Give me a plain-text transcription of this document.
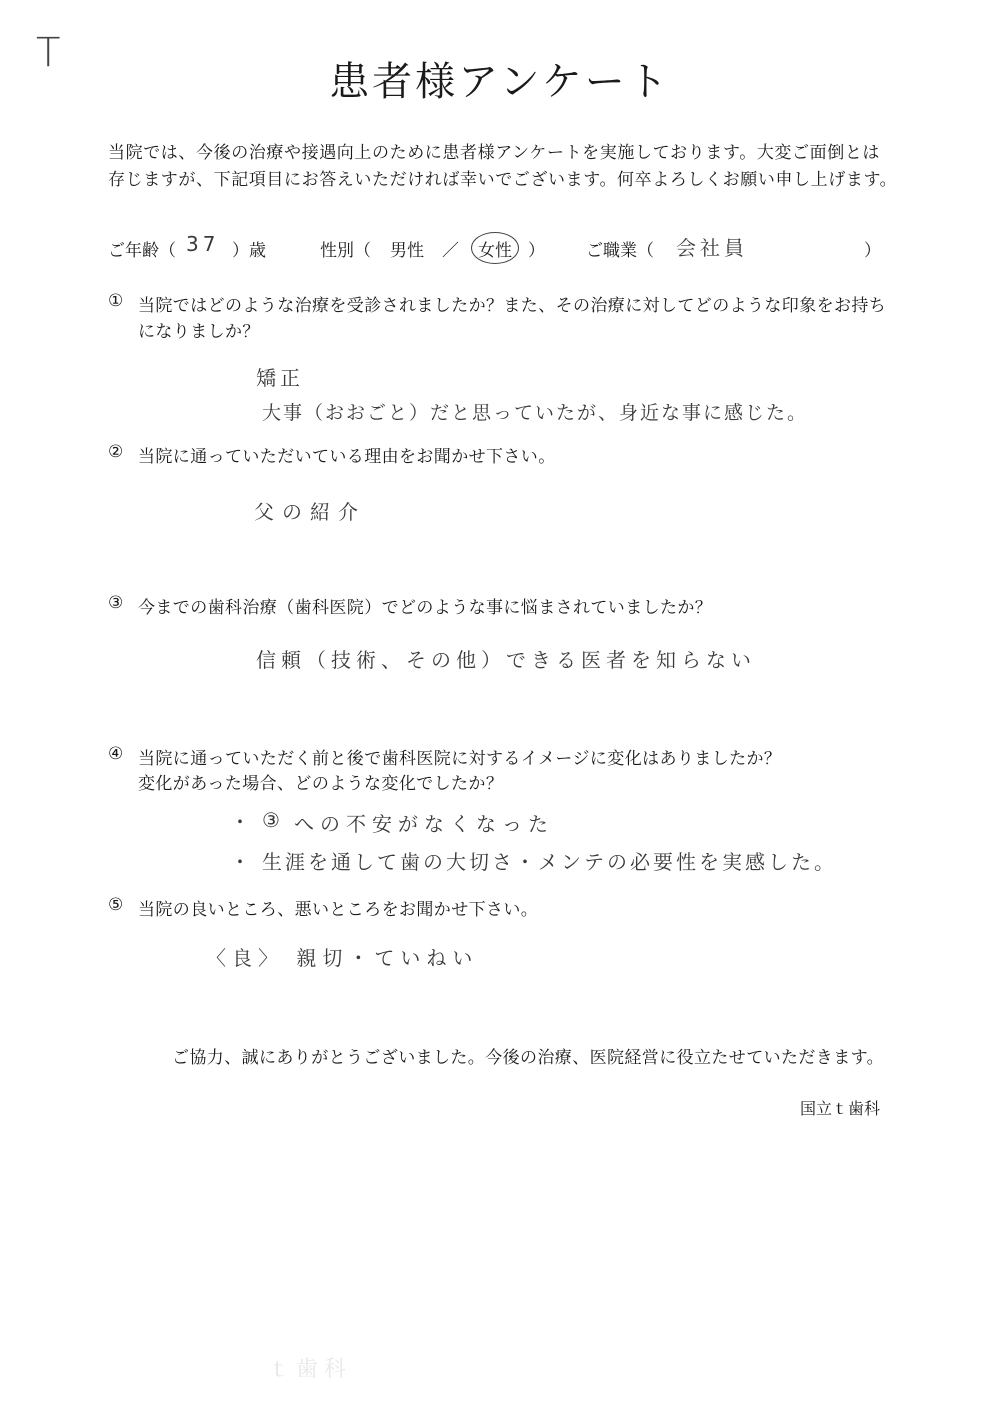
T
患者様アンケート
当院では、今後の治療や接遇向上のために患者様アンケートを実施しております。大変ご面倒とは
存じますが、下記項目にお答えいただければ幸いでございます。何卒よろしくお願い申し上げます。
ご年齢（ 37 ）歳	性別（ 男性 ／ 女性 ） ご職業（ 会社員	）
① 当院ではどのような治療を受診されましたか？また、その治療に対してどのような印象をお持ち
になりましか？
矯正
大事（おおごと）だと思っていたが、身近な事に感じた。
② 当院に通っていただいている理由をお聞かせ下さい。
父の紹介
③ 今までの歯科治療（歯科医院）でどのような事に悩まされていましたか？
信頼（技術、その他）できる医者を知らない
④ 当院に通っていただく前と後で歯科医院に対するイメージに変化はありましたか？
変化があった場合、どのような変化でしたか？
・ ③ への不安がなくなった
・ 生涯を通して歯の大切さ・メンテの必要性を実感した。
⑤ 当院の良いところ、悪いところをお聞かせ下さい。
〈良〉 親切・ていねい
ご協力、誠にありがとうございました。今後の治療、医院経営に役立たせていただきます。
国立ｔ歯科
ｔ歯科
